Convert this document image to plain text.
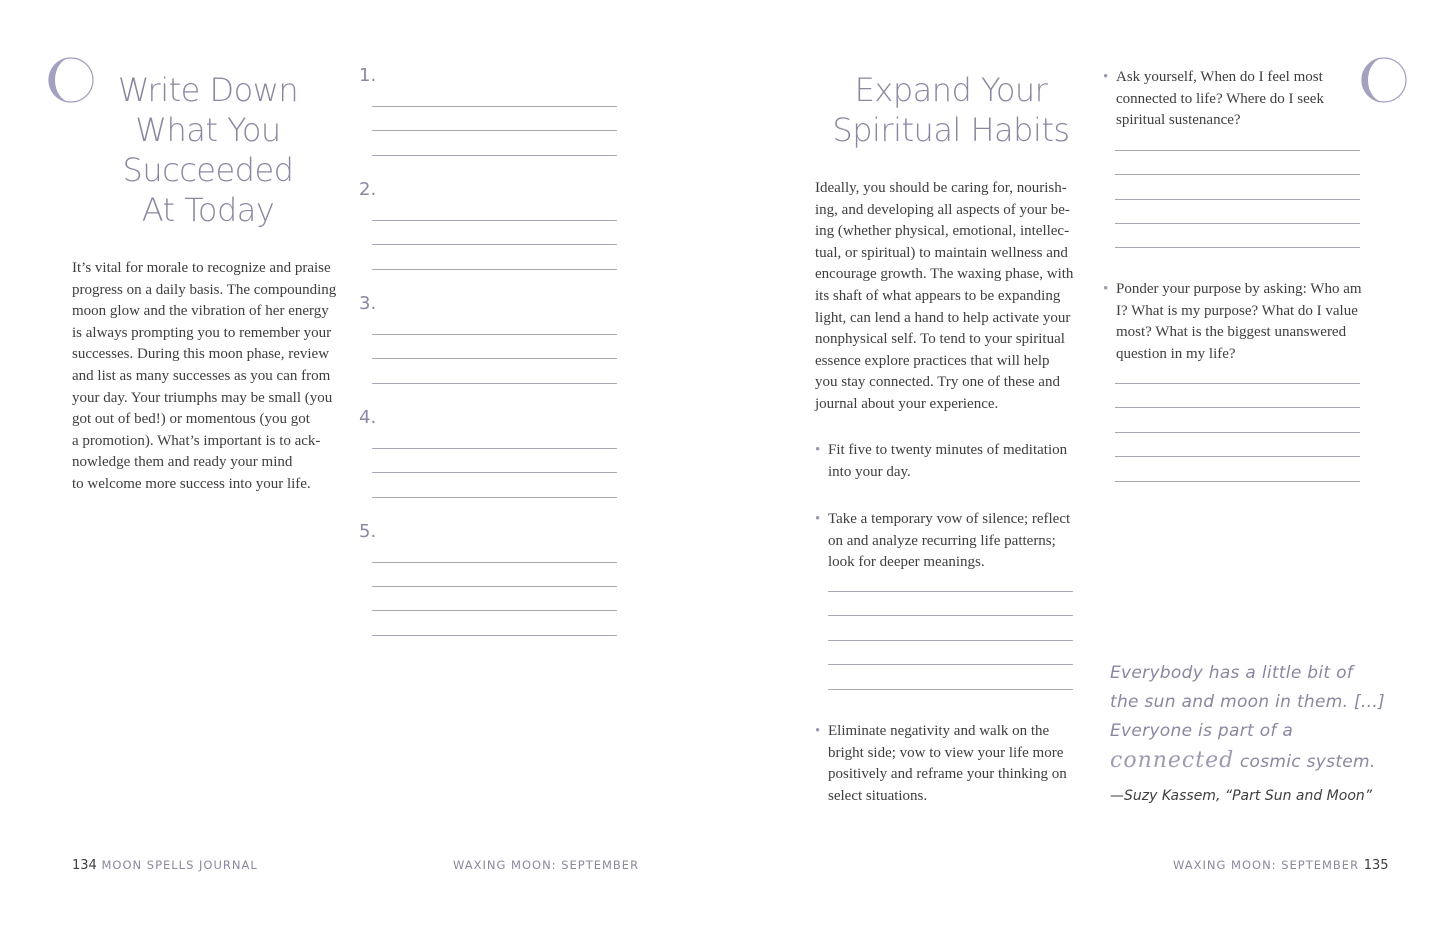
Write Down
What You
Succeeded
At Today
It’s vital for morale to recognize and praise
progress on a daily basis. The compounding
moon glow and the vibration of her energy
is always prompting you to remember your
successes. During this moon phase, review
and list as many successes as you can from
your day. Your triumphs may be small (you
got out of bed!) or momentous (you got
a promotion). What’s important is to ack-
nowledge them and ready your mind
to welcome more success into your life.
1.
2.
3.
4.
5.
134 MOON SPELLS JOURNAL	WAXING MOON: SEPTEMBER
Expand Your
Spiritual Habits
Ideally, you should be caring for, nourish-
ing, and developing all aspects of your be-
ing (whether physical, emotional, intellec-
tual, or spiritual) to maintain wellness and
encourage growth. The waxing phase, with
its shaft of what appears to be expanding
light, can lend a hand to help activate your
nonphysical self. To tend to your spiritual
essence explore practices that will help
you stay connected. Try one of these and
journal about your experience.
• Fit five to twenty minutes of meditation
into your day.
• Take a temporary vow of silence; reflect
on and analyze recurring life patterns;
look for deeper meanings.
• Eliminate negativity and walk on the
bright side; vow to view your life more
positively and reframe your thinking on
select situations.
• Ask yourself, When do I feel most
connected to life? Where do I seek
spiritual sustenance?
• Ponder your purpose by asking: Who am
I? What is my purpose? What do I value
most? What is the biggest unanswered
question in my life?
Everybody has a little bit of
the sun and moon in them. [...]
Everyone is part of a
connected cosmic system.
—Suzy Kassem, “Part Sun and Moon”
WAXING MOON: SEPTEMBER 135
